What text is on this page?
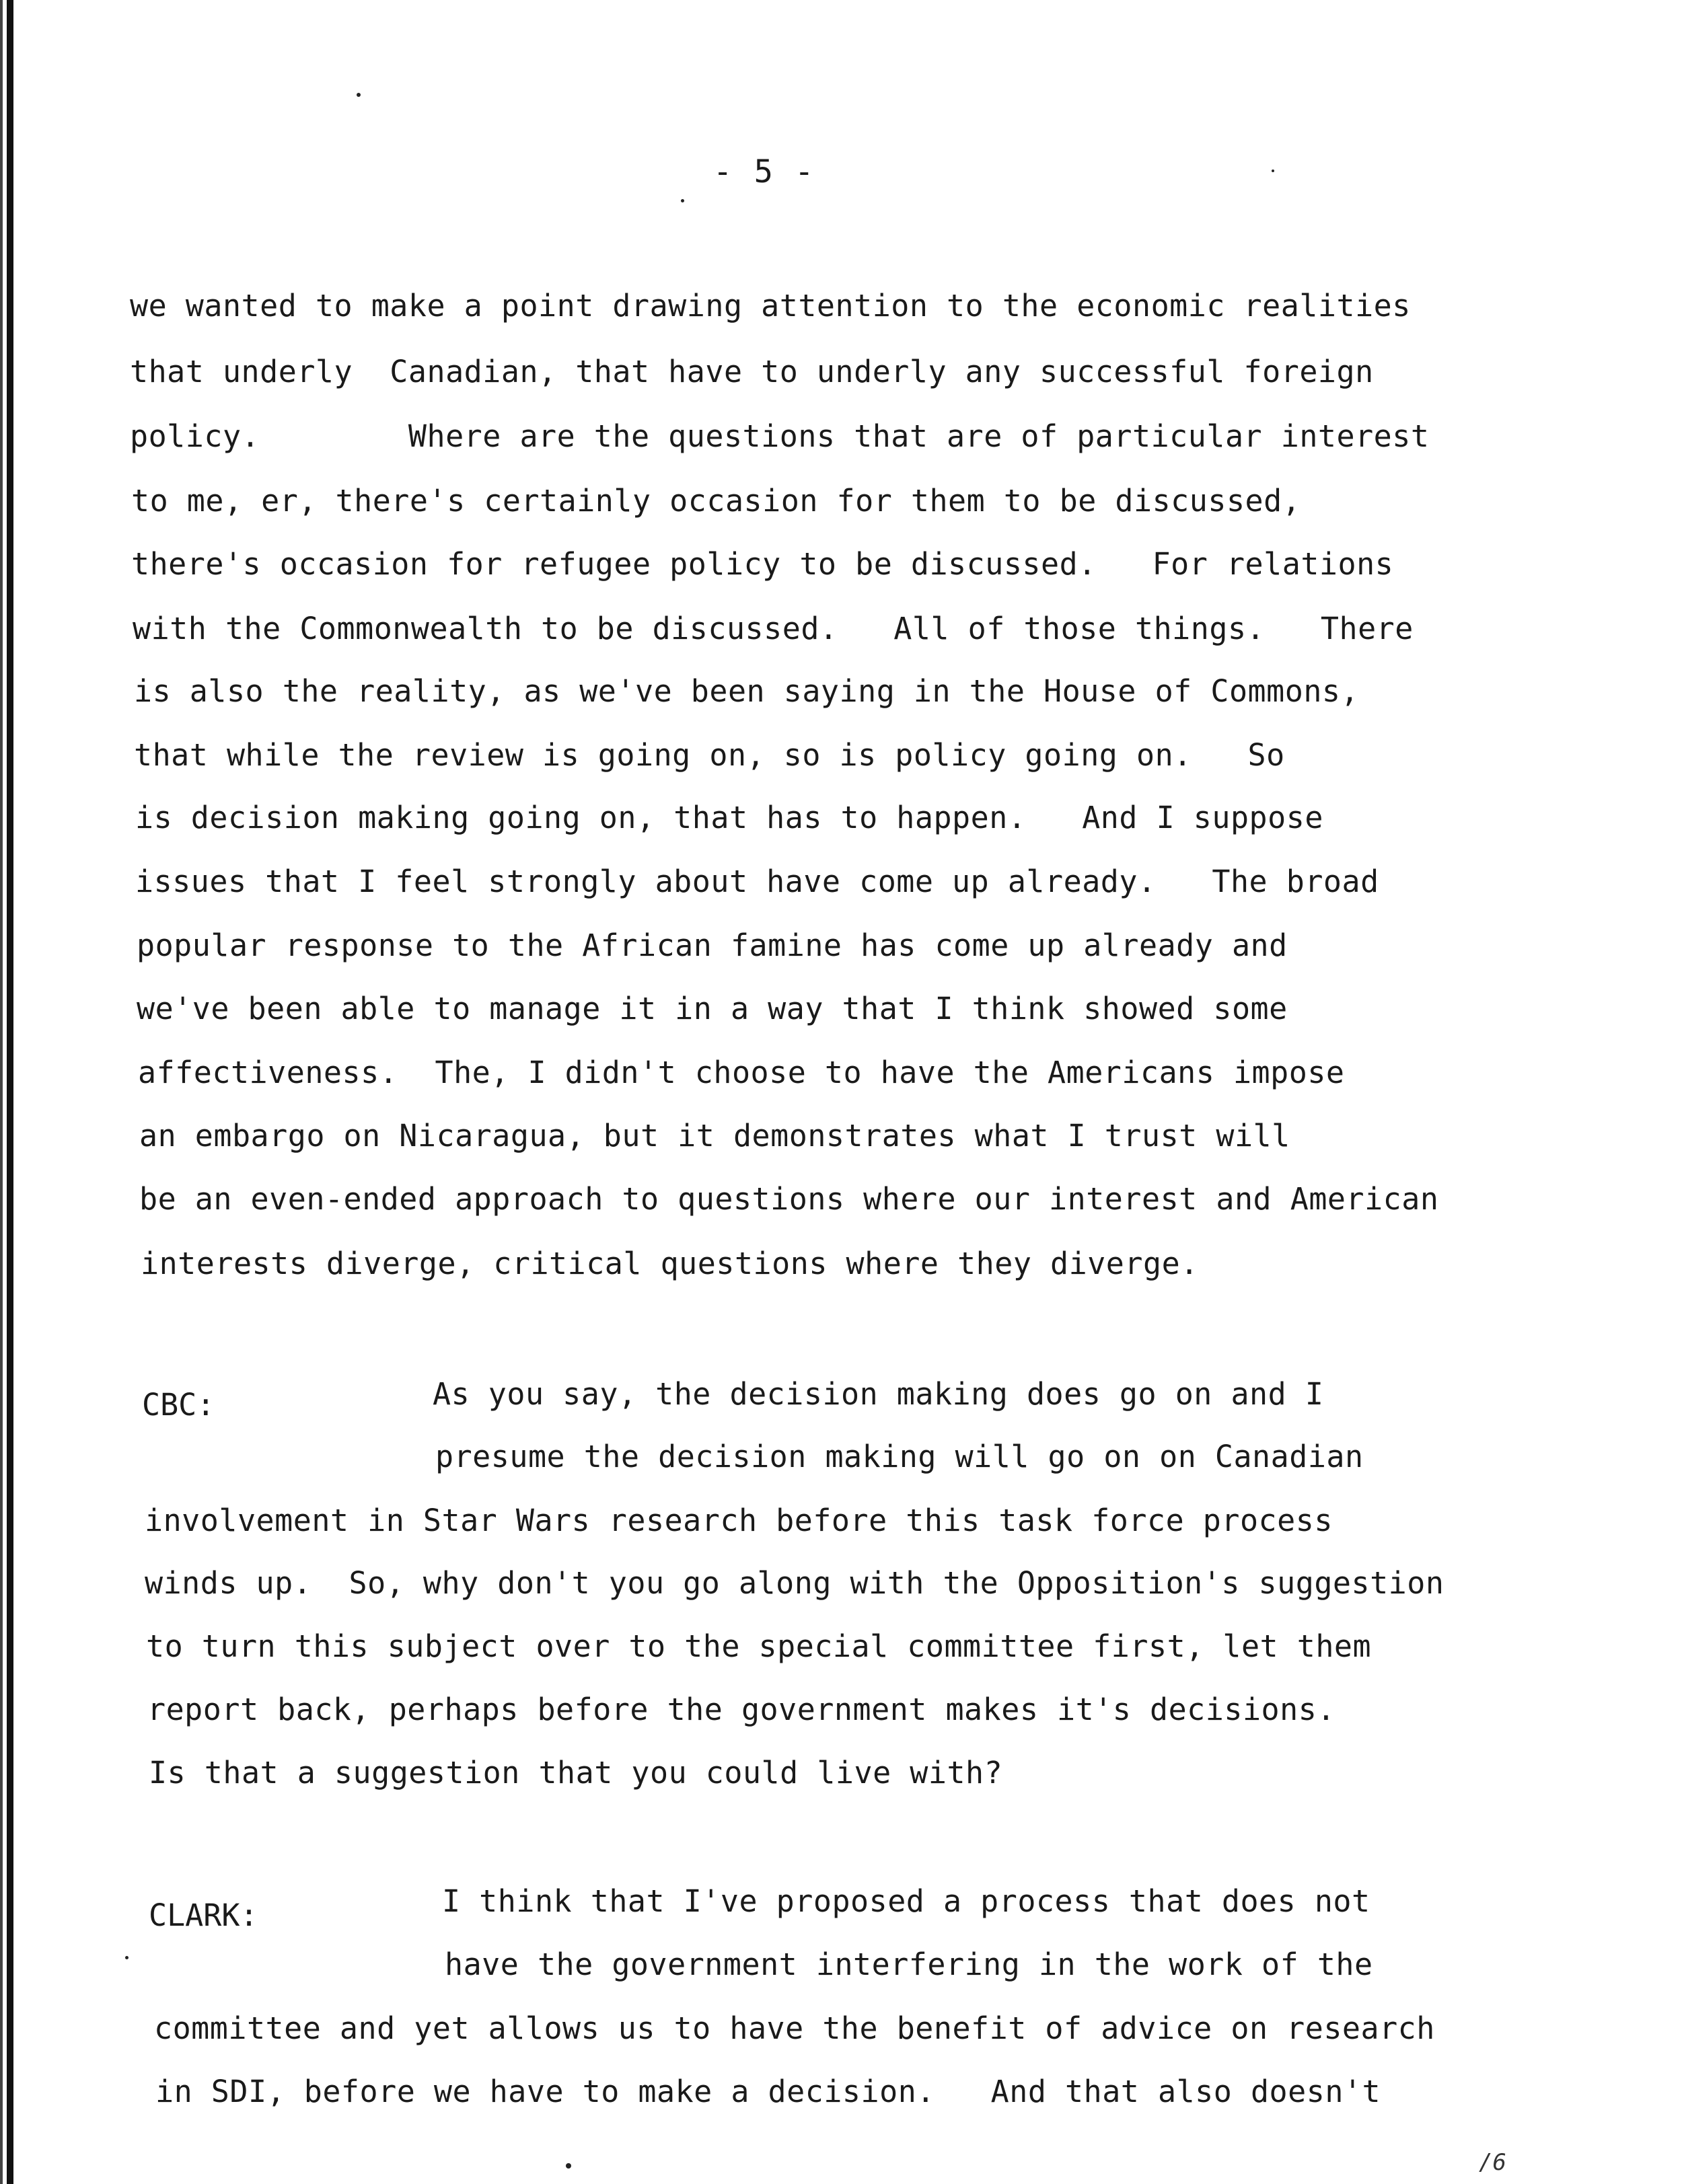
- 5 -
we wanted to make a point drawing attention to the economic realities
that underly  Canadian, that have to underly any successful foreign
policy.        Where are the questions that are of particular interest
to me, er, there's certainly occasion for them to be discussed,
there's occasion for refugee policy to be discussed.   For relations
with the Commonwealth to be discussed.   All of those things.   There
is also the reality, as we've been saying in the House of Commons,
that while the review is going on, so is policy going on.   So
is decision making going on, that has to happen.   And I suppose
issues that I feel strongly about have come up already.   The broad
popular response to the African famine has come up already and
we've been able to manage it in a way that I think showed some
affectiveness.  The, I didn't choose to have the Americans impose
an embargo on Nicaragua, but it demonstrates what I trust will
be an even-ended approach to questions where our interest and American
interests diverge, critical questions where they diverge.
CBC:	As you say, the decision making does go on and I
presume the decision making will go on on Canadian
involvement in Star Wars research before this task force process
winds up.  So, why don't you go along with the Opposition's suggestion
to turn this subject over to the special committee first, let them
report back, perhaps before the government makes it's decisions.
Is that a suggestion that you could live with?
CLARK:	I think that I've proposed a process that does not
have the government interfering in the work of the
committee and yet allows us to have the benefit of advice on research
in SDI, before we have to make a decision.   And that also doesn't
/6
